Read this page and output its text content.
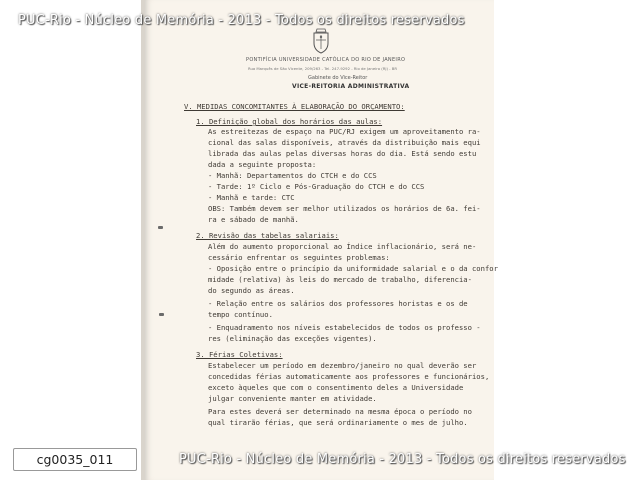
PONTIFÍCIA UNIVERSIDADE CATÓLICA DO RIO DE JANEIRO
Rua Marquês de São Vicente, 209/263 - Tel. 247-9292 - Rio de Janeiro (RJ) - BR
Gabinete do Vice-Reitor
VICE-REITORIA ADMINISTRATIVA
V. MEDIDAS CONCOMITANTES À ELABORAÇÃO DO ORÇAMENTO:
1. Definição global dos horários das aulas:
As estreitezas de espaço na PUC/RJ exigem um aproveitamento ra-
cional das salas disponíveis, através da distribuição mais equi
librada das aulas pelas diversas horas do dia. Está sendo estu
dada a seguinte proposta:
- Manhã: Departamentos do CTCH e do CCS
- Tarde: 1º Ciclo e Pós-Graduação do CTCH e do CCS
- Manhã e tarde: CTC
OBS: Também devem ser melhor utilizados os horários de 6a. fei-
ra e sábado de manhã.
2. Revisão das tabelas salariais:
Além do aumento proporcional ao Índice inflacionário, será ne-
cessário enfrentar os seguintes problemas:
- Oposição entre o princípio da uniformidade salarial e o da confor
midade (relativa) às leis do mercado de trabalho, diferencia-
do segundo as áreas.
- Relação entre os salários dos professores horistas e os de
tempo contínuo.
- Enquadramento nos níveis estabelecidos de todos os professo -
res (eliminação das exceções vigentes).
3. Férias Coletivas:
Estabelecer um período em dezembro/janeiro no qual deverão ser
concedidas férias automaticamente aos professores e funcionários,
exceto àqueles que com o consentimento deles a Universidade
julgar conveniente manter em atividade.
Para estes deverá ser determinado na mesma época o período no
qual tirarão férias, que será ordinariamente o mes de julho.
PUC-Rio - Núcleo de Memória - 2013 - Todos os direitos reservados
PUC-Rio - Núcleo de Memória - 2013 - Todos os direitos reservados
cg0035_011
